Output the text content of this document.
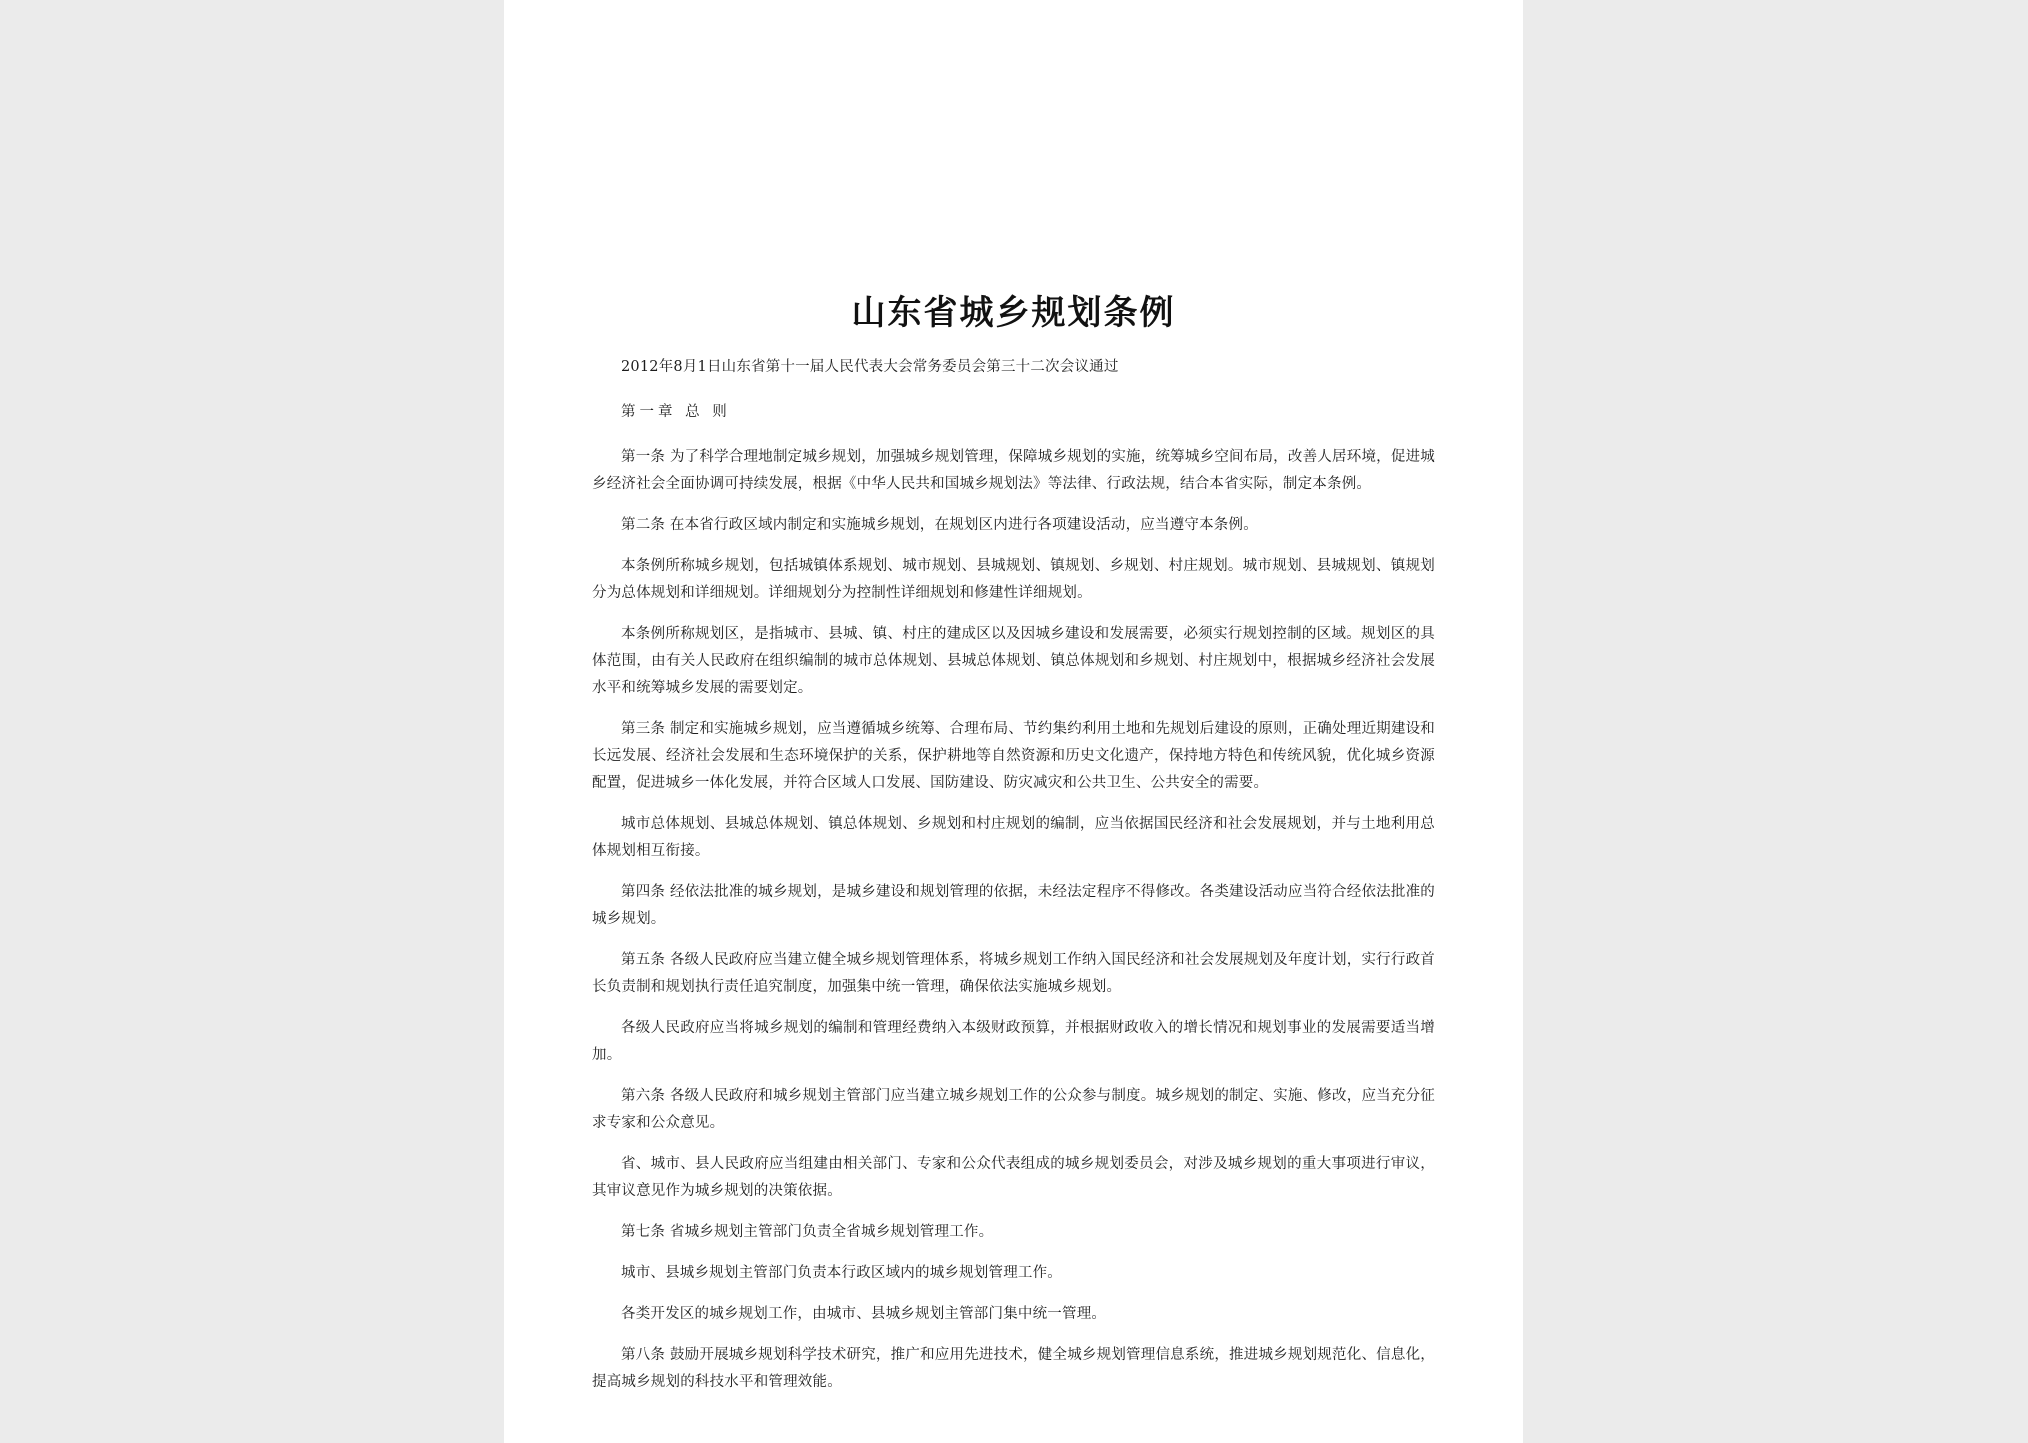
山东省城乡规划条例

2012年8月1日山东省第十一届人民代表大会常务委员会第三十二次会议通过

第一章 总 则

第一条 为了科学合理地制定城乡规划，加强城乡规划管理，保障城乡规划的实施，统筹城乡空间布局，改善人居环境，促进城乡经济社会全面协调可持续发展，根据《中华人民共和国城乡规划法》等法律、行政法规，结合本省实际，制定本条例。

第二条 在本省行政区域内制定和实施城乡规划，在规划区内进行各项建设活动，应当遵守本条例。

本条例所称城乡规划，包括城镇体系规划、城市规划、县城规划、镇规划、乡规划、村庄规划。城市规划、县城规划、镇规划分为总体规划和详细规划。详细规划分为控制性详细规划和修建性详细规划。

本条例所称规划区，是指城市、县城、镇、村庄的建成区以及因城乡建设和发展需要，必须实行规划控制的区域。规划区的具体范围，由有关人民政府在组织编制的城市总体规划、县城总体规划、镇总体规划和乡规划、村庄规划中，根据城乡经济社会发展水平和统筹城乡发展的需要划定。

第三条 制定和实施城乡规划，应当遵循城乡统筹、合理布局、节约集约利用土地和先规划后建设的原则，正确处理近期建设和长远发展、经济社会发展和生态环境保护的关系，保护耕地等自然资源和历史文化遗产，保持地方特色和传统风貌，优化城乡资源配置，促进城乡一体化发展，并符合区域人口发展、国防建设、防灾减灾和公共卫生、公共安全的需要。

城市总体规划、县城总体规划、镇总体规划、乡规划和村庄规划的编制，应当依据国民经济和社会发展规划，并与土地利用总体规划相互衔接。

第四条 经依法批准的城乡规划，是城乡建设和规划管理的依据，未经法定程序不得修改。各类建设活动应当符合经依法批准的城乡规划。

第五条 各级人民政府应当建立健全城乡规划管理体系，将城乡规划工作纳入国民经济和社会发展规划及年度计划，实行行政首长负责制和规划执行责任追究制度，加强集中统一管理，确保依法实施城乡规划。

各级人民政府应当将城乡规划的编制和管理经费纳入本级财政预算，并根据财政收入的增长情况和规划事业的发展需要适当增加。

第六条 各级人民政府和城乡规划主管部门应当建立城乡规划工作的公众参与制度。城乡规划的制定、实施、修改，应当充分征求专家和公众意见。

省、城市、县人民政府应当组建由相关部门、专家和公众代表组成的城乡规划委员会，对涉及城乡规划的重大事项进行审议，其审议意见作为城乡规划的决策依据。

第七条 省城乡规划主管部门负责全省城乡规划管理工作。

城市、县城乡规划主管部门负责本行政区域内的城乡规划管理工作。

各类开发区的城乡规划工作，由城市、县城乡规划主管部门集中统一管理。

第八条 鼓励开展城乡规划科学技术研究，推广和应用先进技术，健全城乡规划管理信息系统，推进城乡规划规范化、信息化，提高城乡规划的科技水平和管理效能。
